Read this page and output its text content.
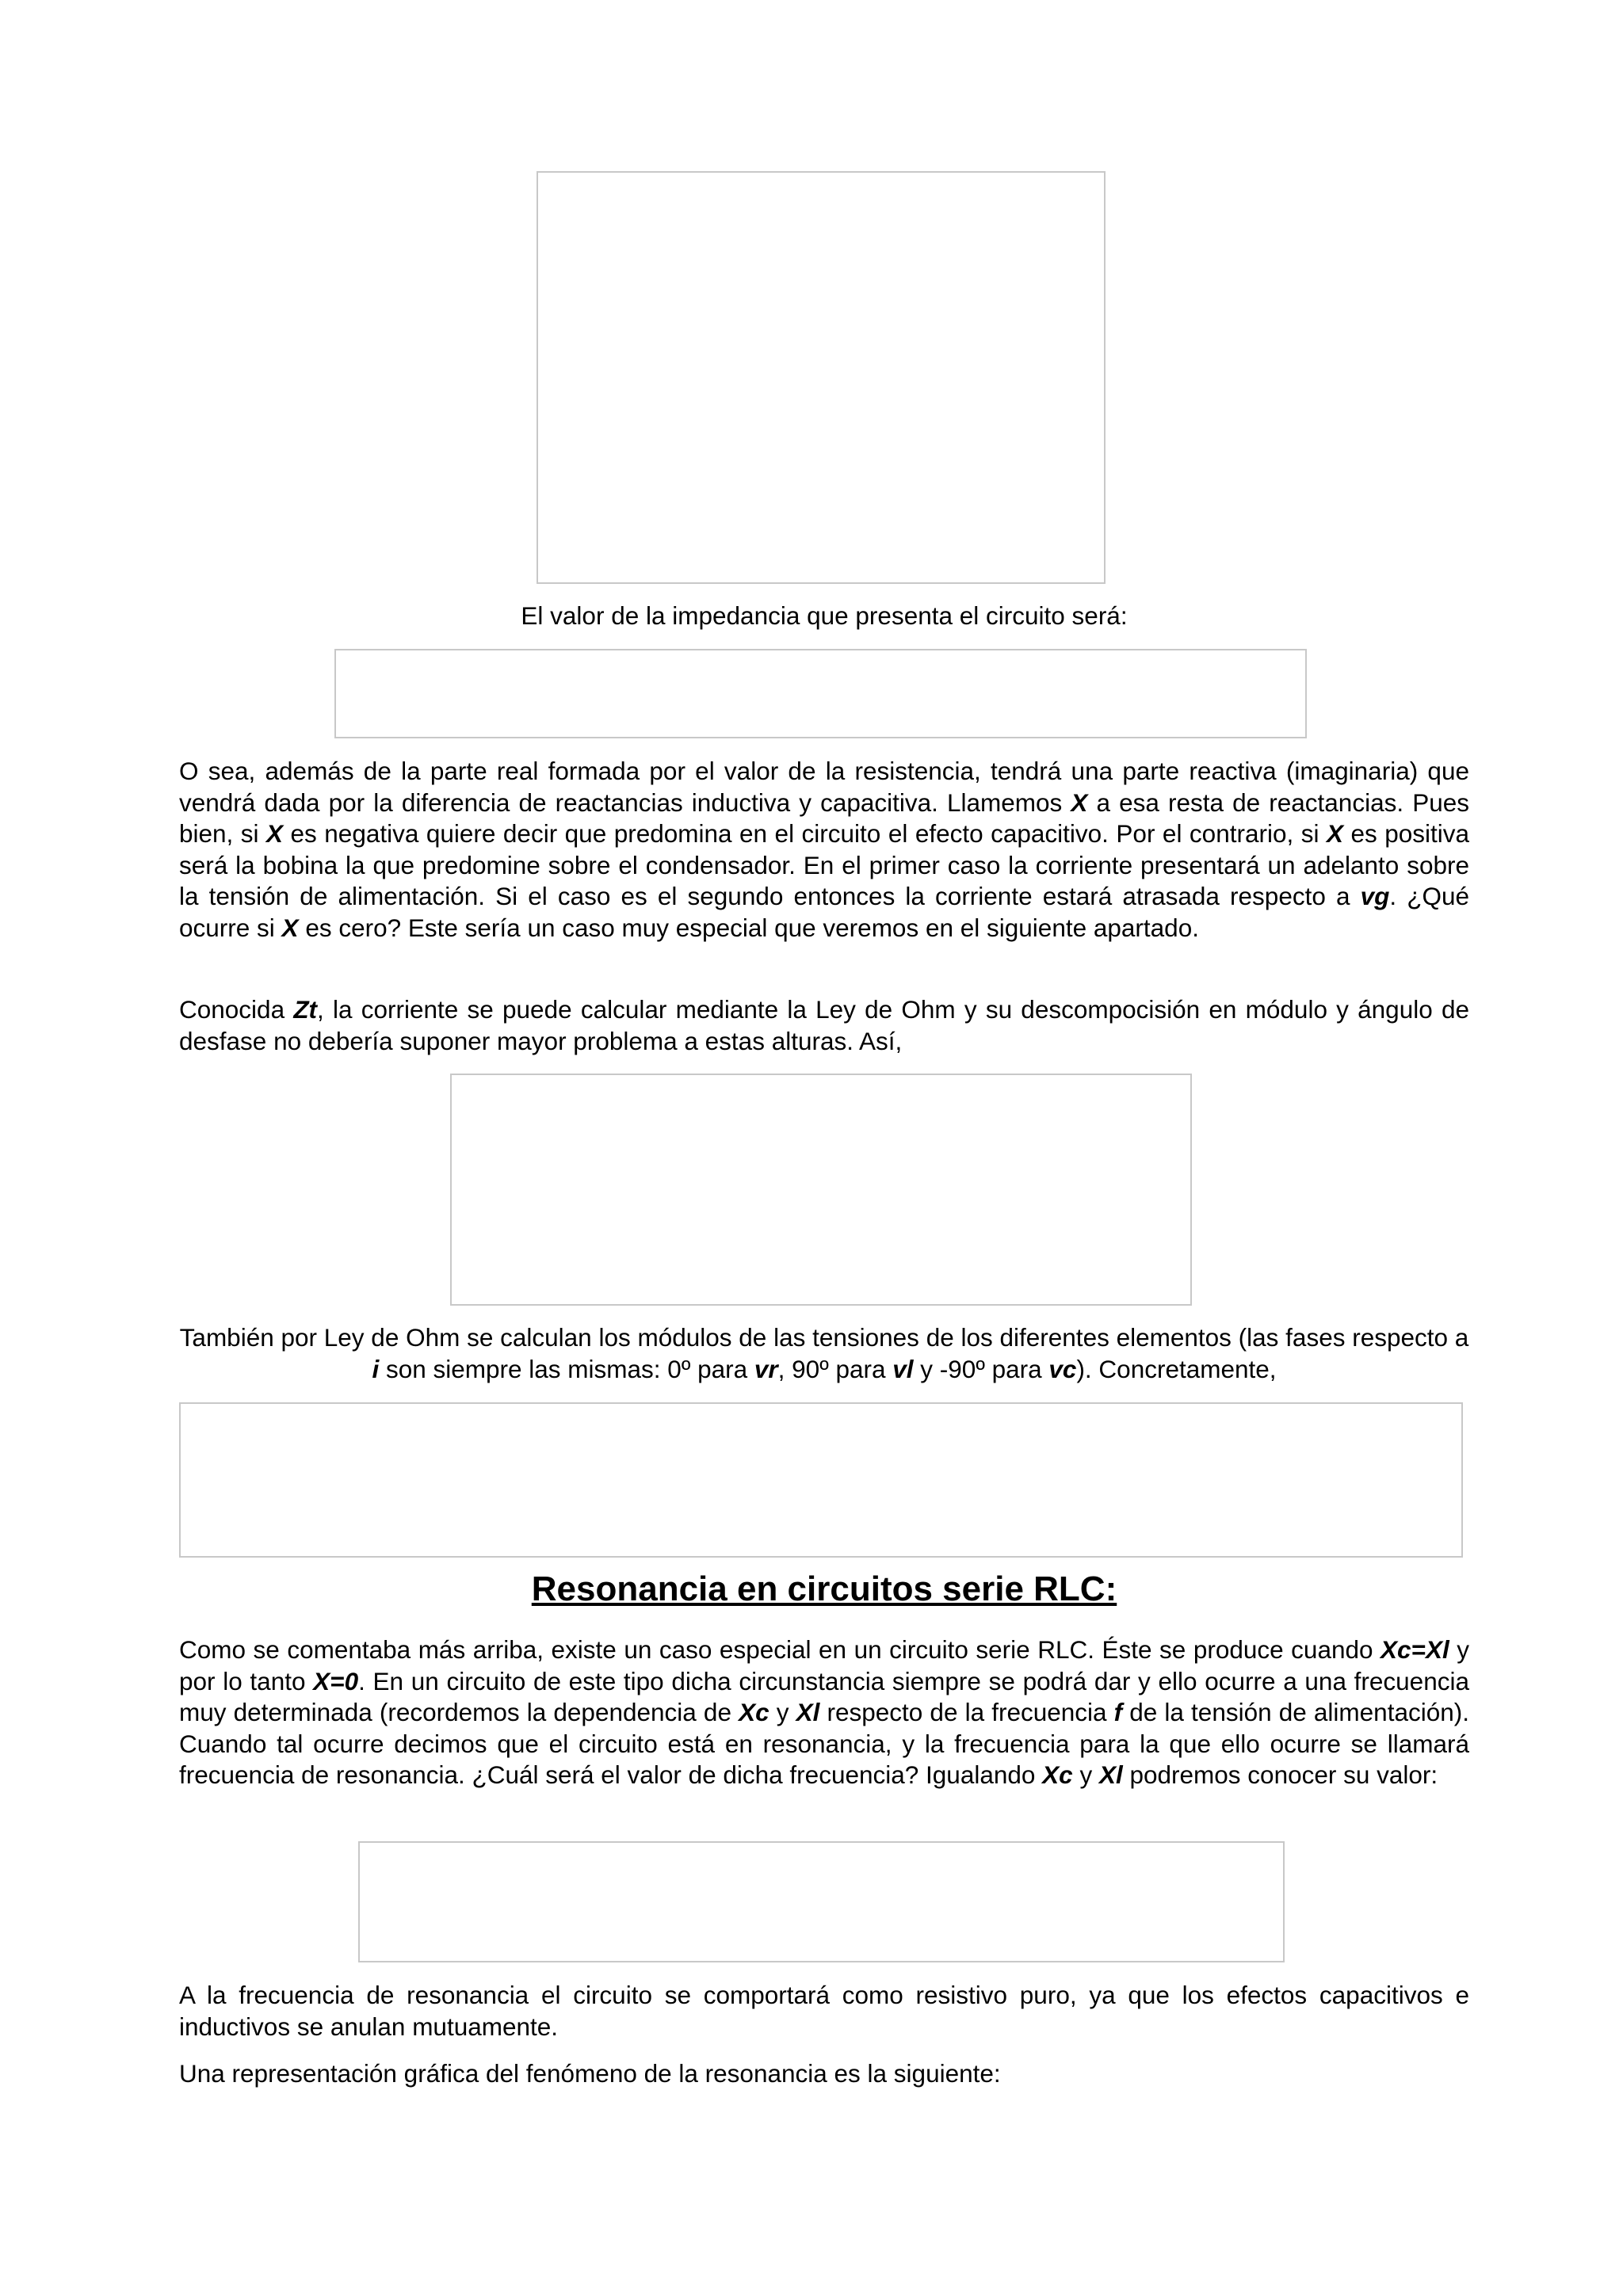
El valor de la impedancia que presenta el circuito será:
O sea, además de la parte real formada por el valor de la resistencia, tendrá una parte reactiva (imaginaria) que vendrá dada por la diferencia de reactancias inductiva y capacitiva. Llamemos X a esa resta de reactancias. Pues bien, si X es negativa quiere decir que predomina en el circuito el efecto capacitivo. Por el contrario, si X es positiva será la bobina la que predomine sobre el condensador. En el primer caso la corriente presentará un adelanto sobre la tensión de alimentación. Si el caso es el segundo entonces la corriente estará atrasada respecto a vg. ¿Qué ocurre si X es cero? Este sería un caso muy especial que veremos en el siguiente apartado.
Conocida Zt, la corriente se puede calcular mediante la Ley de Ohm y su descompocisión en módulo y ángulo de desfase no debería suponer mayor problema a estas alturas. Así,
También por Ley de Ohm se calculan los módulos de las tensiones de los diferentes elementos (las fases respecto a i son siempre las mismas: 0º para vr, 90º para vl y -90º para vc). Concretamente,
Resonancia en circuitos serie RLC:
Como se comentaba más arriba, existe un caso especial en un circuito serie RLC. Éste se produce cuando Xc=Xl y por lo tanto X=0. En un circuito de este tipo dicha circunstancia siempre se podrá dar y ello ocurre a una frecuencia muy determinada (recordemos la dependencia de Xc y Xl respecto de la frecuencia f de la tensión de alimentación). Cuando tal ocurre decimos que el circuito está en resonancia, y la frecuencia para la que ello ocurre se llamará frecuencia de resonancia. ¿Cuál será el valor de dicha frecuencia? Igualando Xc y Xl podremos conocer su valor:
A la frecuencia de resonancia el circuito se comportará como resistivo puro, ya que los efectos capacitivos e inductivos se anulan mutuamente.
Una representación gráfica del fenómeno de la resonancia es la siguiente:
